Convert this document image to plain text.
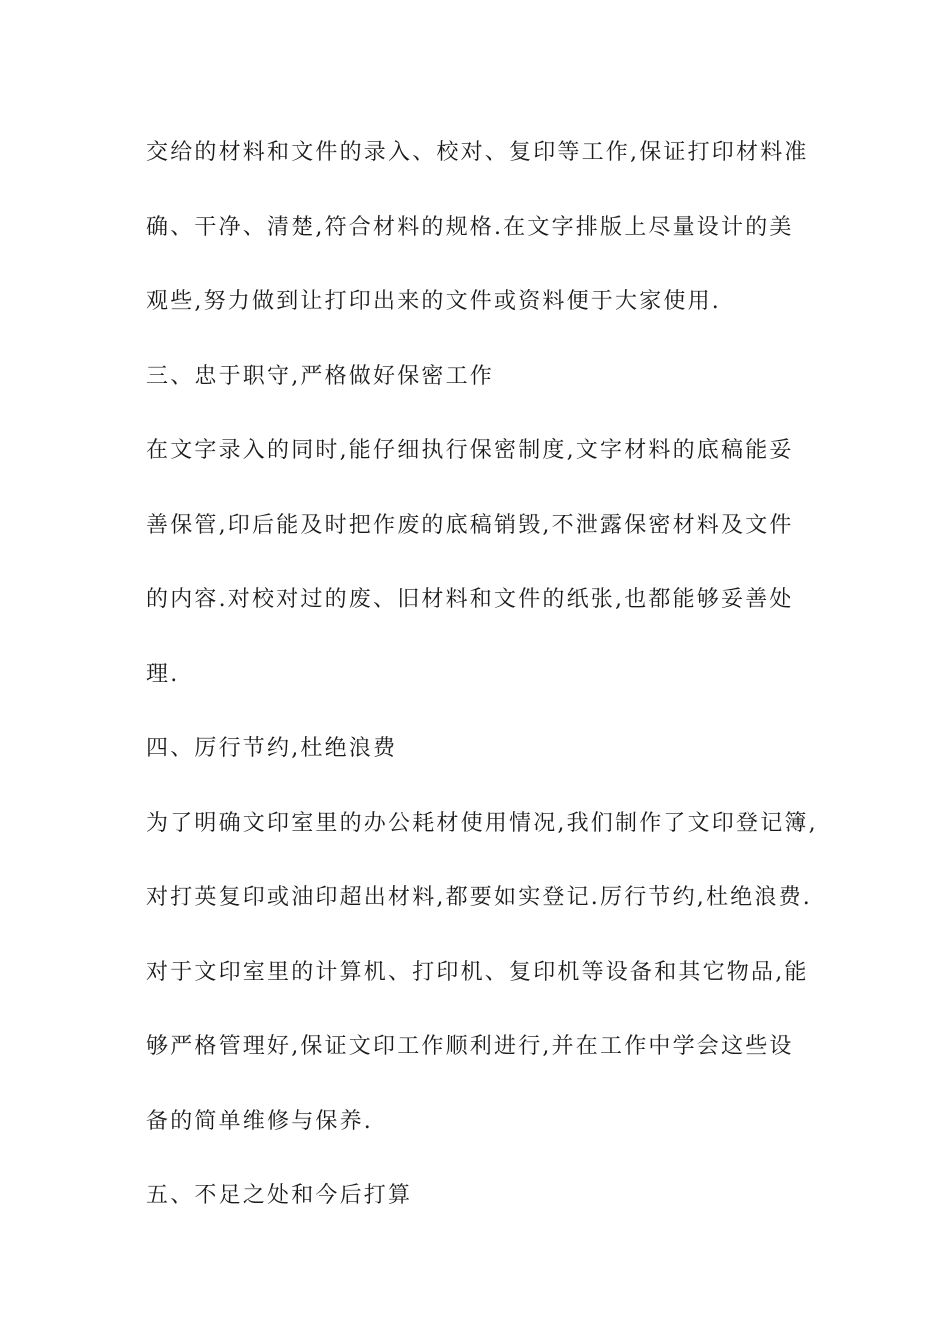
交给的材料和文件的录入、校对、复印等工作,保证打印材料准
确、干净、清楚,符合材料的规格.在文字排版上尽量设计的美
观些,努力做到让打印出来的文件或资料便于大家使用.
三、忠于职守,严格做好保密工作
在文字录入的同时,能仔细执行保密制度,文字材料的底稿能妥
善保管,印后能及时把作废的底稿销毁,不泄露保密材料及文件
的内容.对校对过的废、旧材料和文件的纸张,也都能够妥善处
理.
四、厉行节约,杜绝浪费
为了明确文印室里的办公耗材使用情况,我们制作了文印登记簿,
对打英复印或油印超出材料,都要如实登记.厉行节约,杜绝浪费.
对于文印室里的计算机、打印机、复印机等设备和其它物品,能
够严格管理好,保证文印工作顺利进行,并在工作中学会这些设
备的简单维修与保养.
五、不足之处和今后打算
